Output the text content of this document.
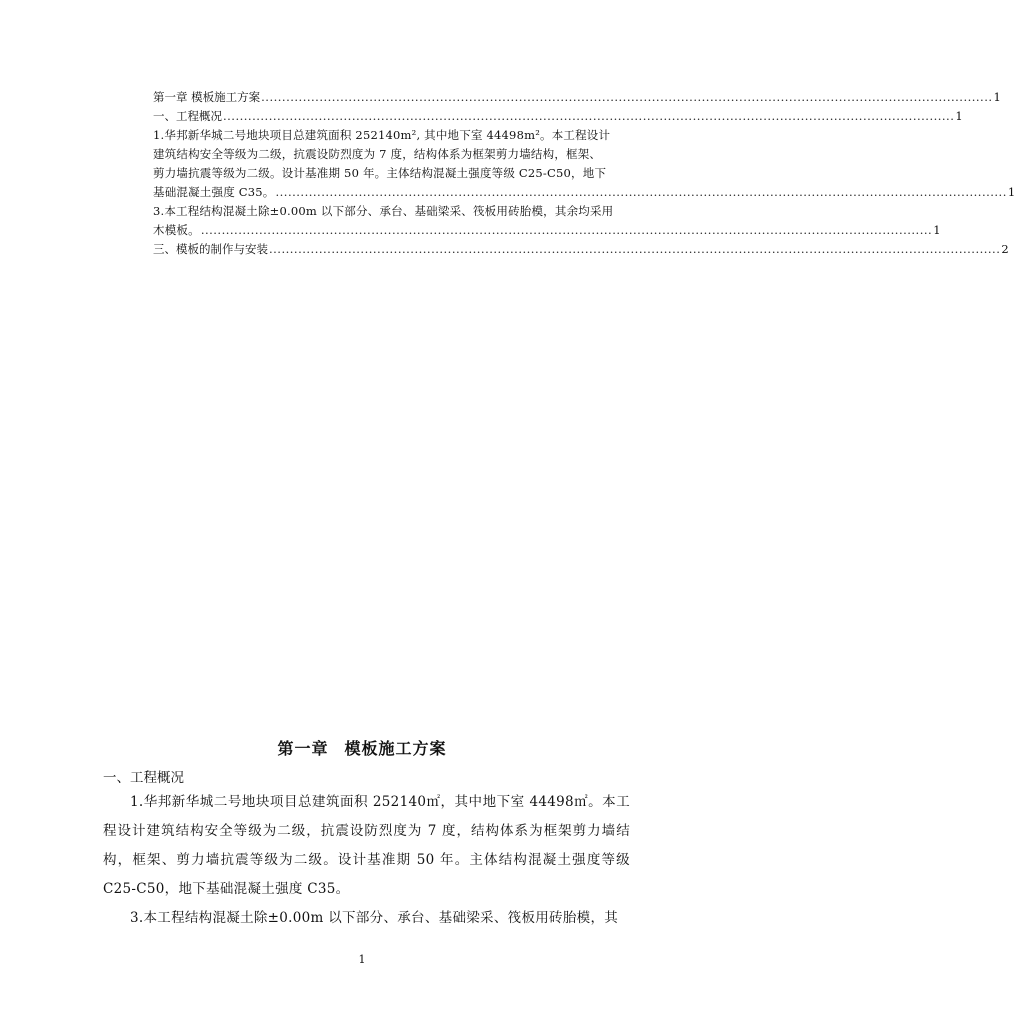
第一章 模板施工方案 ................................................................................................................................................................................ 1
一、工程概况 ................................................................................................................................................................................ 1
1.华邦新华城二号地块项目总建筑面积 252140m², 其中地下室 44498m²。本工程设计
建筑结构安全等级为二级，抗震设防烈度为 7 度，结构体系为框架剪力墙结构，框架、
剪力墙抗震等级为二级。设计基准期 50 年。主体结构混凝土强度等级 C25-C50，地下
基础混凝土强度 C35。 ................................................................................................................................................................................ 1
3.本工程结构混凝土除±0.00m 以下部分、承台、基础梁采、筏板用砖胎模，其余均采用
木模板。 ................................................................................................................................................................................ 1
三、模板的制作与安装 ................................................................................................................................................................................ 2
第一章 模板施工方案
一、工程概况
1.华邦新华城二号地块项目总建筑面积 252140㎡，其中地下室 44498㎡。本工程设计建筑结构安全等级为二级，抗震设防烈度为 7 度，结构体系为框架剪力墙结构，框架、剪力墙抗震等级为二级。设计基准期 50 年。主体结构混凝土强度等级 C25-C50，地下基础混凝土强度 C35。
3.本工程结构混凝土除±0.00m 以下部分、承台、基础梁采、筏板用砖胎模，其
1
